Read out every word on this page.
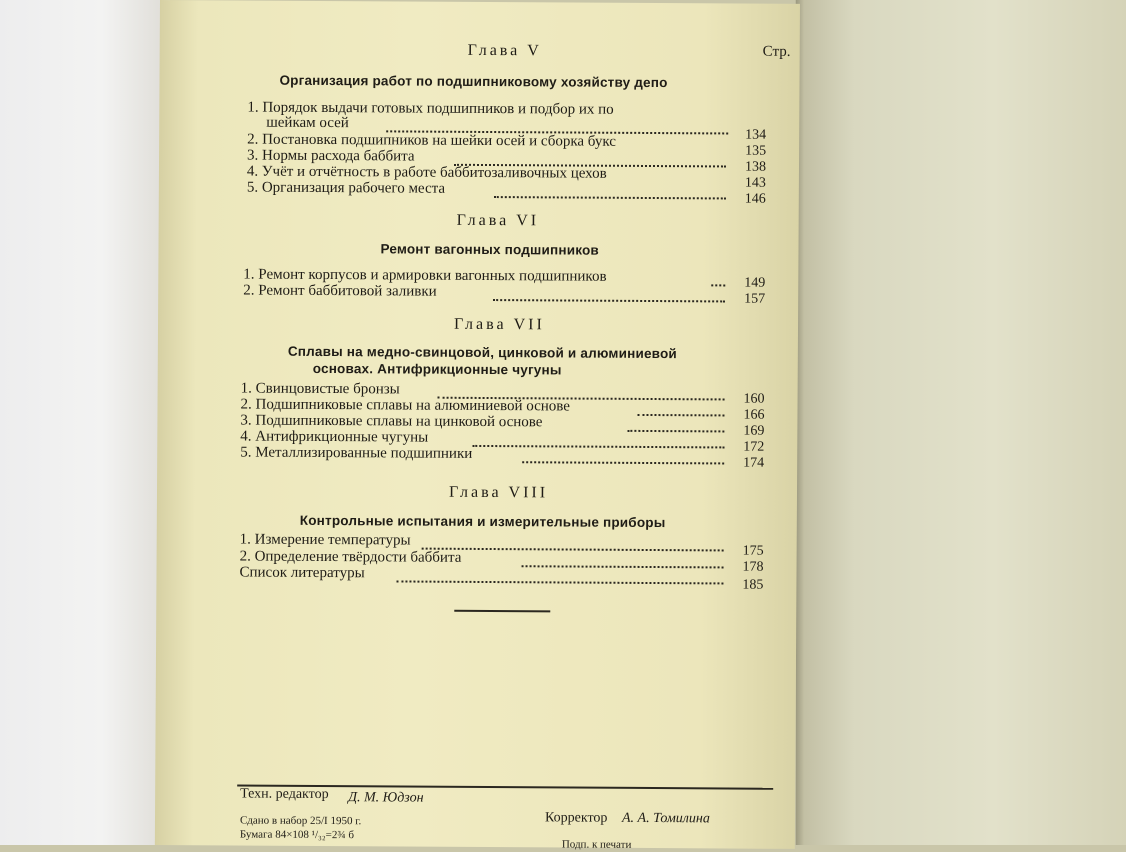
Стр.
Глава V
Организация работ по подшипниковому хозяйству депо
1. Порядок выдачи готовых подшипников и подбор их по
шейкам осей
134
2. Постановка подшипников на шейки осей и сборка букс
135
3. Нормы расхода баббита
138
4. Учёт и отчётность в работе баббитозаливочных цехов
143
5. Организация рабочего места
146
Глава VI
Ремонт вагонных подшипников
1. Ремонт корпусов и армировки вагонных подшипников	149
2. Ремонт баббитовой заливки	157
Глава VII
Сплавы на медно-свинцовой, цинковой и алюминиевой
основах. Антифрикционные чугуны
1. Свинцовистые бронзы
160
2. Подшипниковые сплавы на алюминиевой основе
166
3. Подшипниковые сплавы на цинковой основе
169
4. Антифрикционные чугуны
172
5. Металлизированные подшипники
174
Глава VIII
Контрольные испытания и измерительные приборы
1. Измерение температуры
175
2. Определение твёрдости баббита
178
Список литературы
185
Техн. редактор Д. М. Юдзон
Корректор А. А. Томилина
Сдано в набор 25/I 1950 г.
Бумага 84×108 ¹/₃₂=2¾ б
Подп. к печати
